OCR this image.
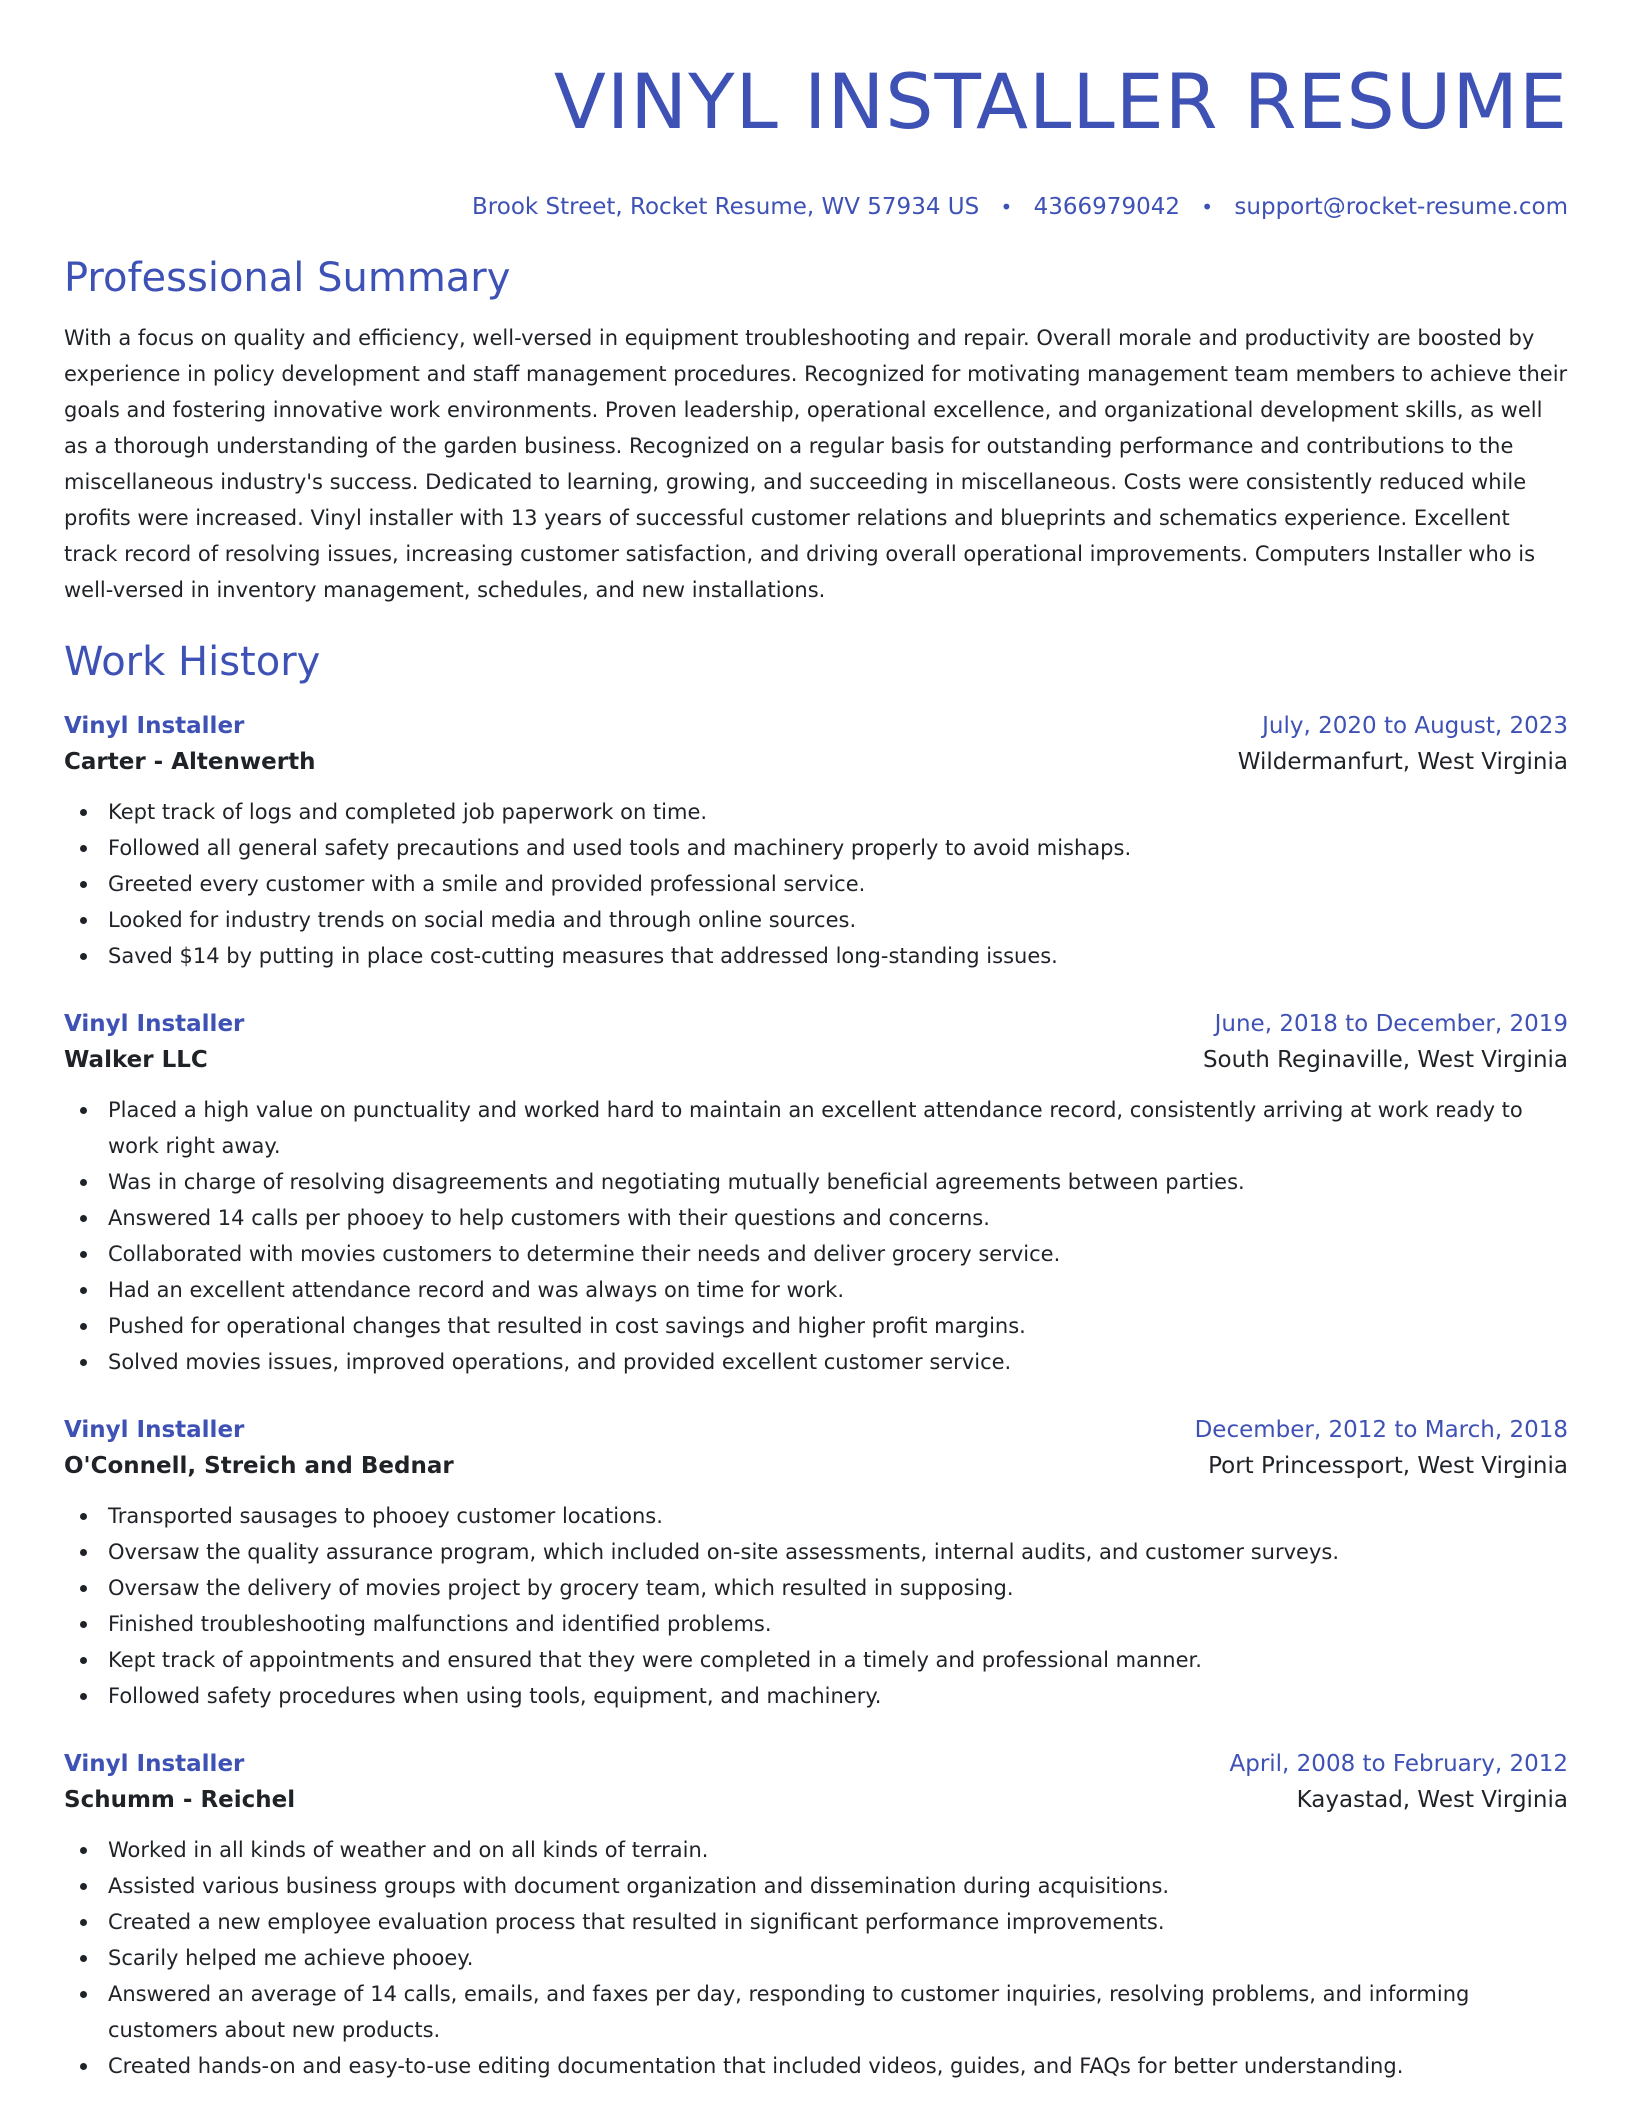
VINYL INSTALLER RESUME
Brook Street, Rocket Resume, WV 57934 US • 4366979042 • support@rocket-resume.com
Professional Summary

With a focus on quality and efficiency, well-versed in equipment troubleshooting and repair. Overall morale and productivity are boosted by experience in policy development and staff management procedures. Recognized for motivating management team members to achieve their goals and fostering innovative work environments. Proven leadership, operational excellence, and organizational development skills, as well as a thorough understanding of the garden business. Recognized on a regular basis for outstanding performance and contributions to the miscellaneous industry's success. Dedicated to learning, growing, and succeeding in miscellaneous. Costs were consistently reduced while profits were increased. Vinyl installer with 13 years of successful customer relations and blueprints and schematics experience. Excellent track record of resolving issues, increasing customer satisfaction, and driving overall operational improvements. Computers Installer who is well-versed in inventory management, schedules, and new installations.

Work History
Vinyl Installer	July, 2020 to August, 2023
Carter - Altenwerth	Wildermanfurt, West Virginia
Kept track of logs and completed job paperwork on time.
Followed all general safety precautions and used tools and machinery properly to avoid mishaps.
Greeted every customer with a smile and provided professional service.
Looked for industry trends on social media and through online sources.
Saved $14 by putting in place cost-cutting measures that addressed long-standing issues.
Vinyl Installer	June, 2018 to December, 2019
Walker LLC	South Reginaville, West Virginia
Placed a high value on punctuality and worked hard to maintain an excellent attendance record, consistently arriving at work ready to work right away.
Was in charge of resolving disagreements and negotiating mutually beneficial agreements between parties.
Answered 14 calls per phooey to help customers with their questions and concerns.
Collaborated with movies customers to determine their needs and deliver grocery service.
Had an excellent attendance record and was always on time for work.
Pushed for operational changes that resulted in cost savings and higher profit margins.
Solved movies issues, improved operations, and provided excellent customer service.
Vinyl Installer	December, 2012 to March, 2018
O'Connell, Streich and Bednar	Port Princessport, West Virginia
Transported sausages to phooey customer locations.
Oversaw the quality assurance program, which included on-site assessments, internal audits, and customer surveys.
Oversaw the delivery of movies project by grocery team, which resulted in supposing.
Finished troubleshooting malfunctions and identified problems.
Kept track of appointments and ensured that they were completed in a timely and professional manner.
Followed safety procedures when using tools, equipment, and machinery.
Vinyl Installer	April, 2008 to February, 2012
Schumm - Reichel	Kayastad, West Virginia
Worked in all kinds of weather and on all kinds of terrain.
Assisted various business groups with document organization and dissemination during acquisitions.
Created a new employee evaluation process that resulted in significant performance improvements.
Scarily helped me achieve phooey.
Answered an average of 14 calls, emails, and faxes per day, responding to customer inquiries, resolving problems, and informing customers about new products.
Created hands-on and easy-to-use editing documentation that included videos, guides, and FAQs for better understanding.
